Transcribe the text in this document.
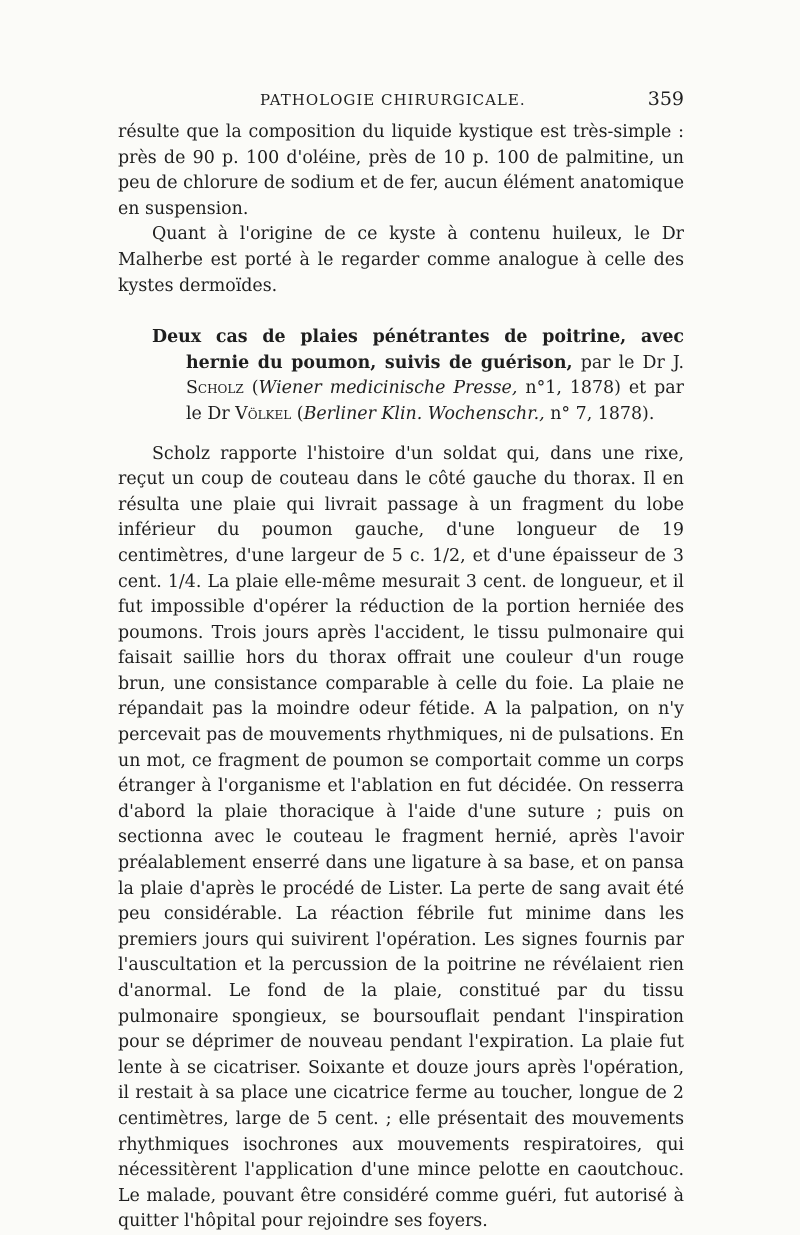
PATHOLOGIE CHIRURGICALE.	359

résulte que la composition du liquide kystique est très-simple : près de 90 p. 100 d'oléine, près de 10 p. 100 de palmitine, un peu de chlorure de sodium et de fer, aucun élément anatomique en suspension.

Quant à l'origine de ce kyste à contenu huileux, le Dr Malherbe est porté à le regarder comme analogue à celle des kystes dermoïdes.

Deux cas de plaies pénétrantes de poitrine, avec hernie du poumon, suivis de guérison, par le Dr J. Scholz (Wiener medicinische Presse, n°1, 1878) et par le Dr Völkel (Berliner Klin. Wochenschr., n° 7, 1878).

Scholz rapporte l'histoire d'un soldat qui, dans une rixe, reçut un coup de couteau dans le côté gauche du thorax. Il en résulta une plaie qui livrait passage à un fragment du lobe inférieur du poumon gauche, d'une longueur de 19 centimètres, d'une largeur de 5 c. 1/2, et d'une épaisseur de 3 cent. 1/4. La plaie elle-même mesurait 3 cent. de longueur, et il fut impossible d'opérer la réduction de la portion herniée des poumons. Trois jours après l'accident, le tissu pulmonaire qui faisait saillie hors du thorax offrait une couleur d'un rouge brun, une consistance comparable à celle du foie. La plaie ne répandait pas la moindre odeur fétide. A la palpation, on n'y percevait pas de mouvements rhythmiques, ni de pulsations. En un mot, ce fragment de poumon se comportait comme un corps étranger à l'organisme et l'ablation en fut décidée. On resserra d'abord la plaie thoracique à l'aide d'une suture ; puis on sectionna avec le couteau le fragment hernié, après l'avoir préalablement enserré dans une ligature à sa base, et on pansa la plaie d'après le procédé de Lister. La perte de sang avait été peu considérable. La réaction fébrile fut minime dans les premiers jours qui suivirent l'opération. Les signes fournis par l'auscultation et la percussion de la poitrine ne révélaient rien d'anormal. Le fond de la plaie, constitué par du tissu pulmonaire spongieux, se boursouflait pendant l'inspiration pour se déprimer de nouveau pendant l'expiration. La plaie fut lente à se cicatriser. Soixante et douze jours après l'opération, il restait à sa place une cicatrice ferme au toucher, longue de 2 centimètres, large de 5 cent. ; elle présentait des mouvements rhythmiques isochrones aux mouvements respiratoires, qui nécessitèrent l'application d'une mince pelotte en caoutchouc. Le malade, pouvant être considéré comme guéri, fut autorisé à quitter l'hôpital pour rejoindre ses foyers.
